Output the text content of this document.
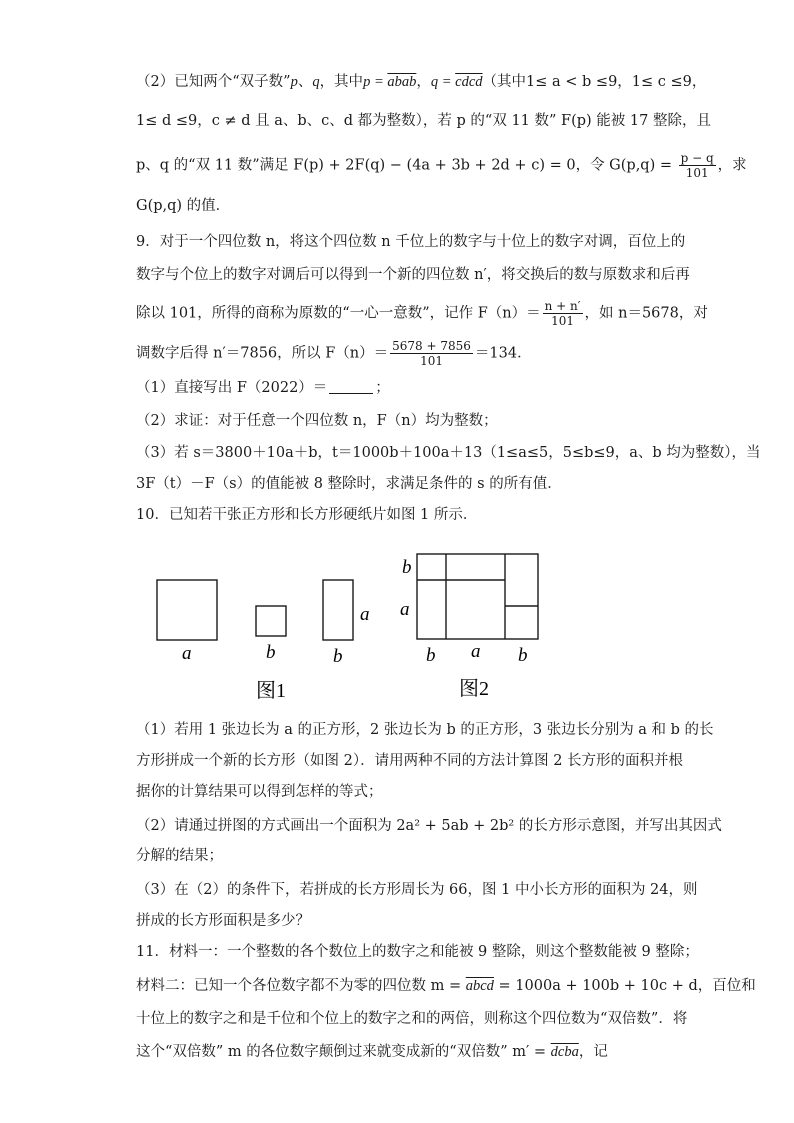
（2）已知两个“双子数”p、q，其中p = abab，q = cdcd（其中1≤ a < b ≤9，1≤ c ≤9，
1≤ d ≤9，c ≠ d 且 a、b、c、d 都为整数），若 p 的“双 11 数” F(p) 能被 17 整除，且
p、q 的“双 11 数”满足 F(p) + 2F(q) − (4a + 3b + 2d + c) = 0，令 $G(p,q) = \frac{p - q}{101}$ ，求
G(p,q) 的值．
9．对于一个四位数 n，将这个四位数 n 千位上的数字与十位上的数字对调，百位上的
数字与个位上的数字对调后可以得到一个新的四位数 n′，将交换后的数与原数求和后再
除以 101，所得的商称为原数的“一心一意数”，记作 $F(n)= \frac{n + n'}{101}$ ，如 n＝5678，对
调数字后得 n′＝7856，所以 $F(n)= \frac{5678 + 7856}{101} =134$．
（1）直接写出 F（2022）＝	；
（2）求证：对于任意一个四位数 n，F（n）均为整数；
（3）若 s＝3800＋10a＋b，t＝1000b＋100a＋13（1≤a≤5，5≤b≤9，a、b 均为整数），当
3F（t）－F（s）的值能被 8 整除时，求满足条件的 s 的所有值．
10．已知若干张正方形和长方形硬纸片如图 1 所示．
a	b	b
a
图1
b
a
b a b
图2
（1）若用 1 张边长为 a 的正方形，2 张边长为 b 的正方形，3 张边长分别为 a 和 b 的长
方形拼成一个新的长方形（如图 2）．请用两种不同的方法计算图 2 长方形的面积并根
据你的计算结果可以得到怎样的等式；
（2）请通过拼图的方式画出一个面积为 2a² + 5ab + 2b² 的长方形示意图，并写出其因式
分解的结果；
（3）在（2）的条件下，若拼成的长方形周长为 66，图 1 中小长方形的面积为 24，则
拼成的长方形面积是多少？
11．材料一：一个整数的各个数位上的数字之和能被 9 整除，则这个整数能被 9 整除；
材料二：已知一个各位数字都不为零的四位数 m = abcd = 1000a + 100b + 10c + d，百位和
十位上的数字之和是千位和个位上的数字之和的两倍，则称这个四位数为“双倍数”．将
这个“双倍数” m 的各位数字颠倒过来就变成新的“双倍数” m′ = dcba，记
